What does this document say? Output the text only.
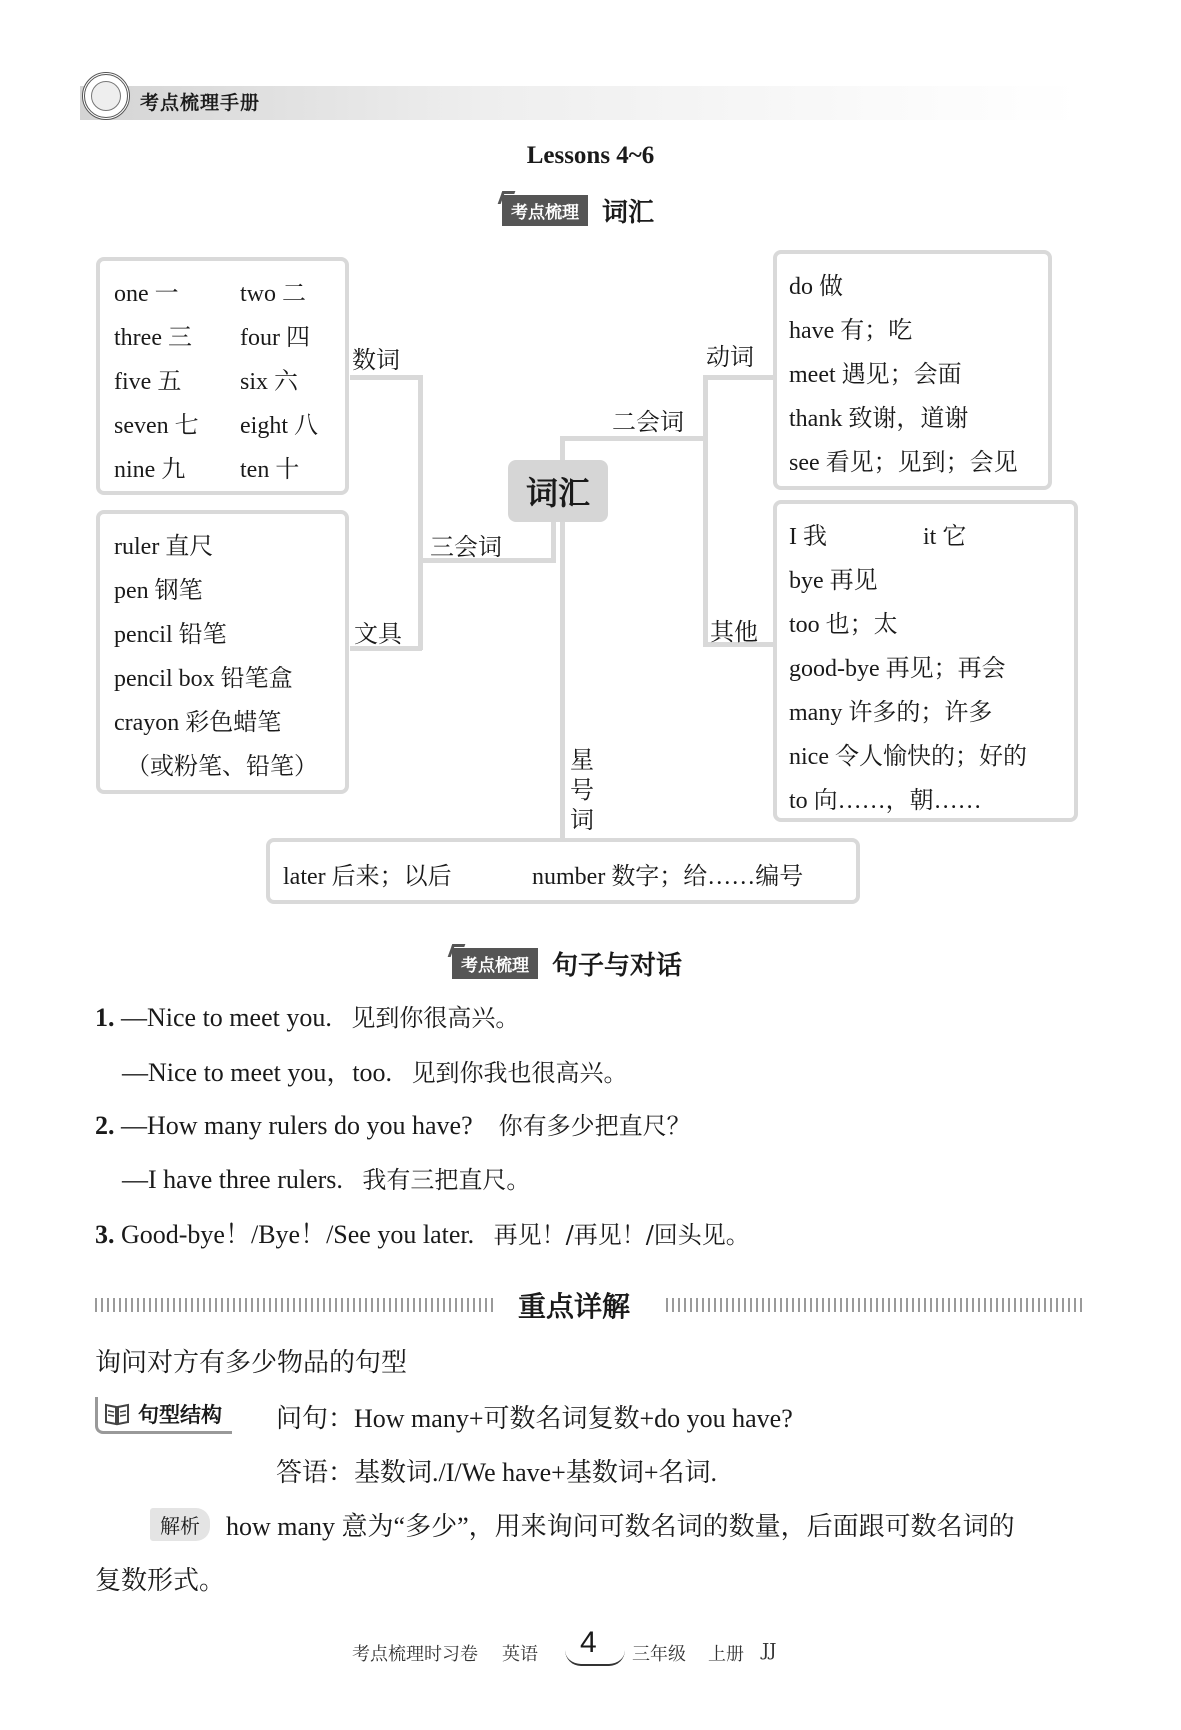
考点梳理手册
Lessons 4~6
考点梳理 词汇
词汇
三会词
二会词
数词
文具
动词
其他
星号词
one 一	two 二
three 三 four 四
five 五 six 六
seven 七 eight 八
nine 九 ten 十
ruler 直尺
pen 钢笔
pencil 铅笔
pencil box 铅笔盒
crayon 彩色蜡笔
（或粉笔、铅笔）
do 做
have 有；吃
meet 遇见；会面
thank 致谢，道谢
see 看见；见到；会见
I 我	it 它
bye 再见
too 也；太
good-bye 再见；再会
many 许多的；许多
nice 令人愉快的；好的
to 向……，朝……
later 后来；以后	number 数字；给……编号
考点梳理 句子与对话
1. —Nice to meet you. 见到你很高兴。
—Nice to meet you，too. 见到你我也很高兴。
2. —How many rulers do you have? 你有多少把直尺？
—I have three rulers. 我有三把直尺。
3. Good-bye！/Bye！/See you later. 再见！/再见！/回头见。
重点详解
询问对方有多少物品的句型
句型结构 问句：How many+可数名词复数+do you have?
答语：基数词./I/We have+基数词+名词.
解析	how many 意为“多少”，用来询问可数名词的数量，后面跟可数名词的
复数形式。
考点梳理时习卷 英语 4 三年级 上册 JJ
